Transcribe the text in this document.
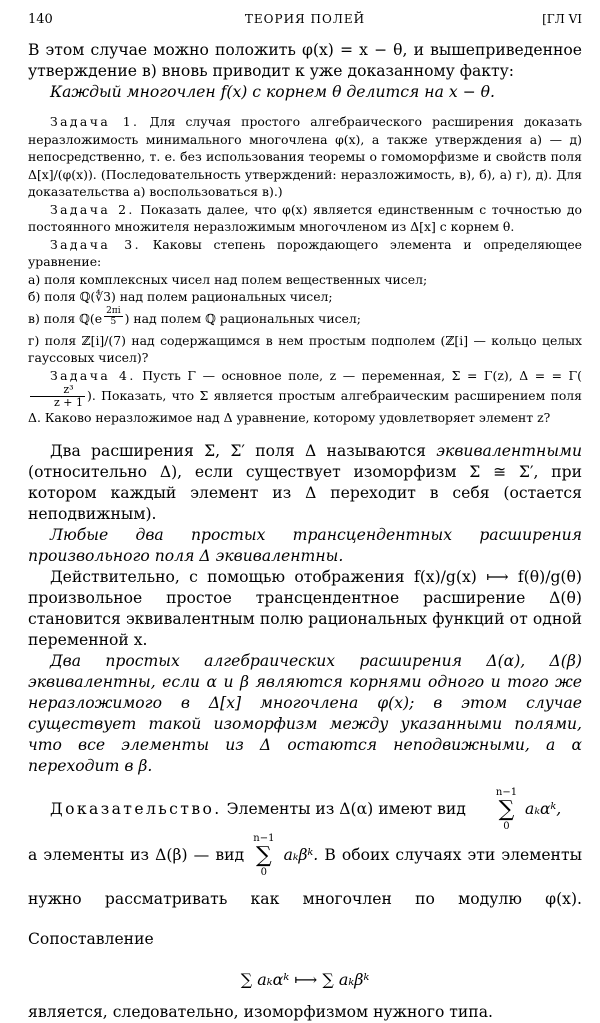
140	ТЕОРИЯ ПОЛЕЙ	[ГЛ VI

В этом случае можно положить φ(x) = x − θ, и вышеприведенное утверждение в) вновь приводит к уже доказанному факту:

Каждый многочлен f(x) с корнем θ делится на x − θ.

Задача 1. Для случая простого алгебраического расширения доказать неразложимость минимального многочлена φ(x), а также утверждения а) — д) непосредственно, т. е. без использования теоремы о гомоморфизме и свойств поля Δ[x]/(φ(x)). (Последовательность утверждений: неразложимость, в), б), а) г), д). Для доказательства а) воспользоваться в).)

Задача 2. Показать далее, что φ(x) является единственным с точностью до постоянного множителя неразложимым многочленом из Δ[x] с корнем θ.

Задача 3. Каковы степень порождающего элемента и определяющее уравнение:

а) поля комплексных чисел над полем вещественных чисел;

б) поля ℚ(∜3) над полем рациональных чисел;

в) поля ℚ(e $^{\frac{2\pi i}{5}}$ ) над полем ℚ рациональных чисел;

г) поля ℤ[i]/(7) над содержащимся в нем простым подполем (ℤ[i] — кольцо целых гауссовых чисел)?

Задача 4. Пусть Γ — основное поле, z — переменная, Σ = Γ(z), Δ = = Γ(
$\frac{\text{z³}}{z + 1}$ ). Показать, что Σ является простым алгебраическим расширением поля Δ. Каково неразложимое над Δ уравнение, которому удовлетворяет элемент z?

Два расширения Σ, Σ′ поля Δ называются эквивалентными (относительно Δ), если существует изоморфизм Σ ≅ Σ′, при котором каждый элемент из Δ переходит в себя (остается неподвижным).

Любые два простых трансцендентных расширения произвольного поля Δ эквивалентны.

Действительно, с помощью отображения f(x)/g(x) ⟼ f(θ)/g(θ) произвольное простое трансцендентное расширение Δ(θ) становится эквивалентным полю рациональных функций от одной переменной x.

Два простых алгебраических расширения Δ(α), Δ(β) эквивалентны, если α и β являются корнями одного и того же неразложимого в Δ[x] многочлена φ(x); в этом случае существует такой изоморфизм между указанными полями, что все элементы из Δ остаются неподвижными, а α переходит в β.

Доказательство. Элементы из Δ(α) имеют вид
n−1
∑
0
aₖαᵏ,

а элементы из Δ(β) — вид
n−1
∑
0
aₖβᵏ. В обоих случаях эти элементы нужно рассматривать как многочлен по модулю φ(x). Сопоставление

∑ aₖαᵏ ⟼ ∑ aₖβᵏ

является, следовательно, изоморфизмом нужного типа.
